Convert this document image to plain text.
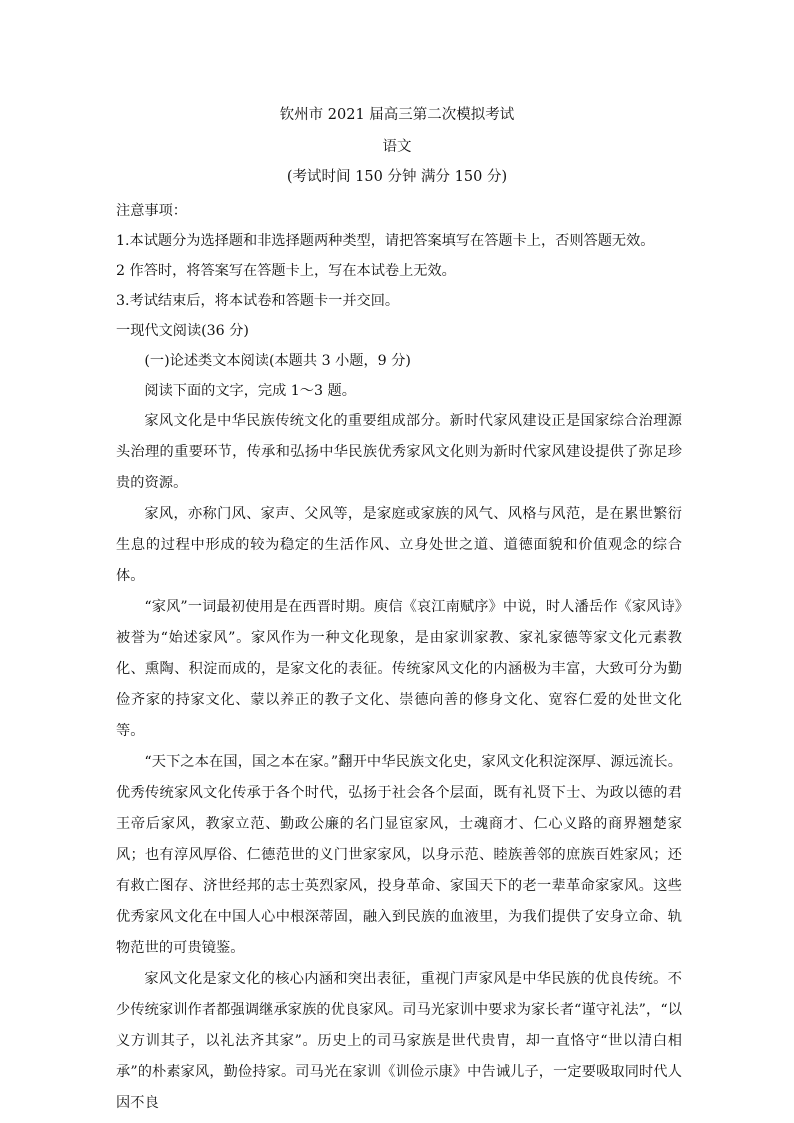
钦州市 2021 届高三第二次模拟考试
语文
(考试时间 150 分钟 满分 150 分)

注意事项：

1.本试题分为选择题和非选择题两种类型，请把答案填写在答题卡上，否则答题无效。

2 作答时，将答案写在答题卡上，写在本试卷上无效。

3.考试结束后，将本试卷和答题卡一并交回。

一现代文阅读(36 分)

(一)论述类文本阅读(本题共 3 小题，9 分)

阅读下面的文字，完成 1～3 题。

家风文化是中华民族传统文化的重要组成部分。新时代家风建设正是国家综合治理源头治理的重要环节，传承和弘扬中华民族优秀家风文化则为新时代家风建设提供了弥足珍贵的资源。

家风，亦称门风、家声、父风等，是家庭或家族的风气、风格与风范，是在累世繁衍生息的过程中形成的较为稳定的生活作风、立身处世之道、道德面貌和价值观念的综合体。

“家风”一词最初使用是在西晋时期。庾信《哀江南赋序》中说，时人潘岳作《家风诗》被誉为“始述家风”。家风作为一种文化现象，是由家训家教、家礼家德等家文化元素教化、熏陶、积淀而成的，是家文化的表征。传统家风文化的内涵极为丰富，大致可分为勤俭齐家的持家文化、蒙以养正的教子文化、崇德向善的修身文化、宽容仁爱的处世文化等。

“天下之本在国，国之本在家。”翻开中华民族文化史，家风文化积淀深厚、源远流长。优秀传统家风文化传承于各个时代，弘扬于社会各个层面，既有礼贤下士、为政以德的君王帝后家风，教家立范、勤政公廉的名门显宦家风，士魂商才、仁心义路的商界翘楚家风；也有淳风厚俗、仁德范世的义门世家家风，以身示范、睦族善邻的庶族百姓家风；还有救亡图存、济世经邦的志士英烈家风，投身革命、家国天下的老一辈革命家家风。这些优秀家风文化在中国人心中根深蒂固，融入到民族的血液里，为我们提供了安身立命、轨物范世的可贵镜鉴。

家风文化是家文化的核心内涵和突出表征，重视门声家风是中华民族的优良传统。不少传统家训作者都强调继承家族的优良家风。司马光家训中要求为家长者“谨守礼法”，“以义方训其子，以礼法齐其家”。历史上的司马家族是世代贵胄，却一直恪守“世以清白相承”的朴素家风，勤俭持家。司马光在家训《训俭示康》中告诫儿子，一定要吸取同时代人因不良
